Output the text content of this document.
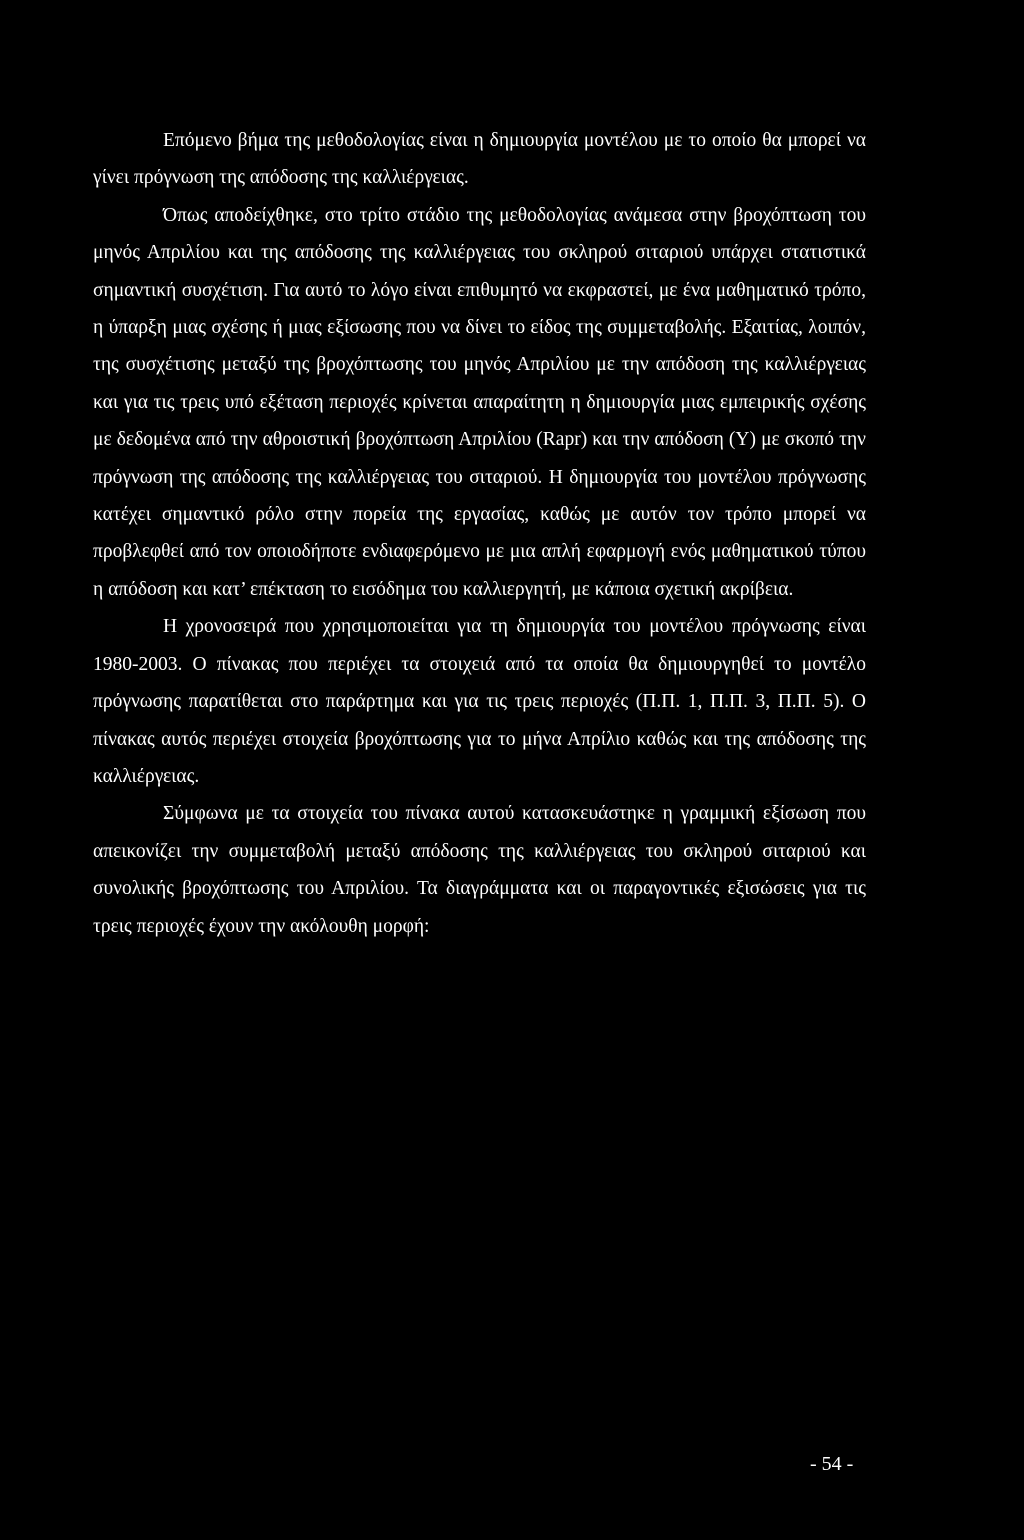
Επόμενο βήμα της μεθοδολογίας είναι η δημιουργία μοντέλου με το οποίο θα μπορεί να γίνει πρόγνωση της απόδοσης της καλλιέργειας.

Όπως αποδείχθηκε, στο τρίτο στάδιο της μεθοδολογίας ανάμεσα στην βροχόπτωση του μηνός Απριλίου και της απόδοσης της καλλιέργειας του σκληρού σιταριού υπάρχει στατιστικά σημαντική συσχέτιση. Για αυτό το λόγο είναι επιθυμητό να εκφραστεί, με ένα μαθηματικό τρόπο, η ύπαρξη μιας σχέσης ή μιας εξίσωσης που να δίνει το είδος της συμμεταβολής. Εξαιτίας, λοιπόν, της συσχέτισης μεταξύ της βροχόπτωσης του μηνός Απριλίου με την απόδοση της καλλιέργειας και για τις τρεις υπό εξέταση περιοχές κρίνεται απαραίτητη η δημιουργία μιας εμπειρικής σχέσης με δεδομένα από την αθροιστική βροχόπτωση Απριλίου (Rapr) και την απόδοση (Y) με σκοπό την πρόγνωση της απόδοσης της καλλιέργειας του σιταριού. Η δημιουργία του μοντέλου πρόγνωσης κατέχει σημαντικό ρόλο στην πορεία της εργασίας, καθώς με αυτόν τον τρόπο μπορεί να προβλεφθεί από τον οποιοδήποτε ενδιαφερόμενο με μια απλή εφαρμογή ενός μαθηματικού τύπου η απόδοση και κατ’ επέκταση το εισόδημα του καλλιεργητή, με κάποια σχετική ακρίβεια.

Η χρονοσειρά που χρησιμοποιείται για τη δημιουργία του μοντέλου πρόγνωσης είναι 1980-2003. Ο πίνακας που περιέχει τα στοιχειά από τα οποία θα δημιουργηθεί το μοντέλο πρόγνωσης παρατίθεται στο παράρτημα και για τις τρεις περιοχές (Π.Π. 1, Π.Π. 3, Π.Π. 5). Ο πίνακας αυτός περιέχει στοιχεία βροχόπτωσης για το μήνα Απρίλιο καθώς και της απόδοσης της καλλιέργειας.

Σύμφωνα με τα στοιχεία του πίνακα αυτού κατασκευάστηκε η γραμμική εξίσωση που απεικονίζει την συμμεταβολή μεταξύ απόδοσης της καλλιέργειας του σκληρού σιταριού και συνολικής βροχόπτωσης του Απριλίου. Τα διαγράμματα και οι παραγοντικές εξισώσεις για τις τρεις περιοχές έχουν την ακόλουθη μορφή:

- 54 -
